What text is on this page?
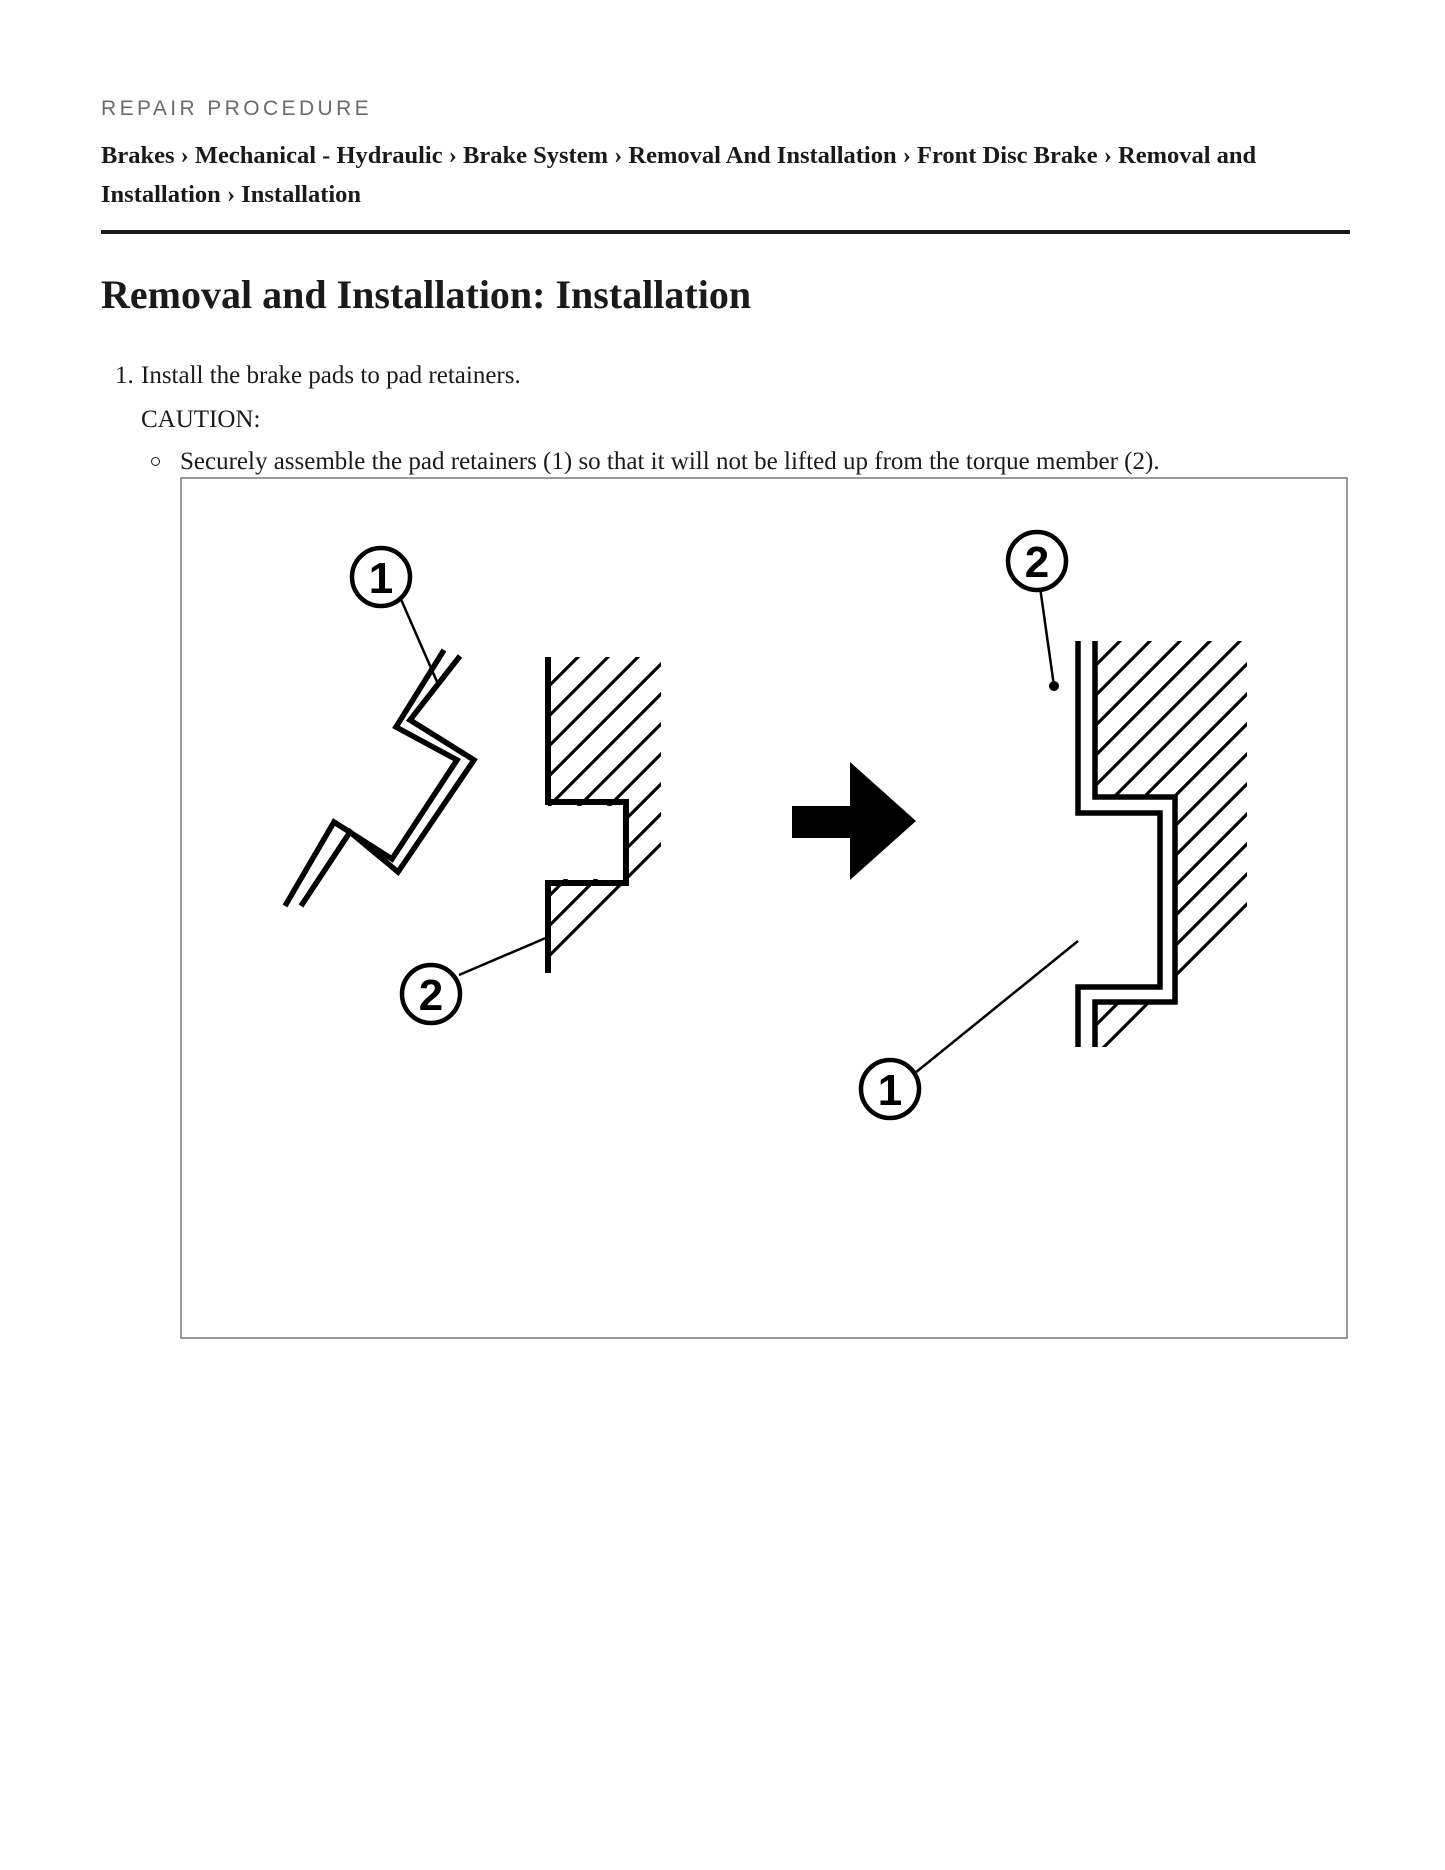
REPAIR PROCEDURE
Brakes › Mechanical - Hydraulic › Brake System › Removal And Installation › Front Disc Brake › Removal and Installation › Installation
Removal and Installation: Installation
1. Install the brake pads to pad retainers.
CAUTION:
Securely assemble the pad retainers (1) so that it will not be lifted up from the torque member (2).
1
2
2
1
